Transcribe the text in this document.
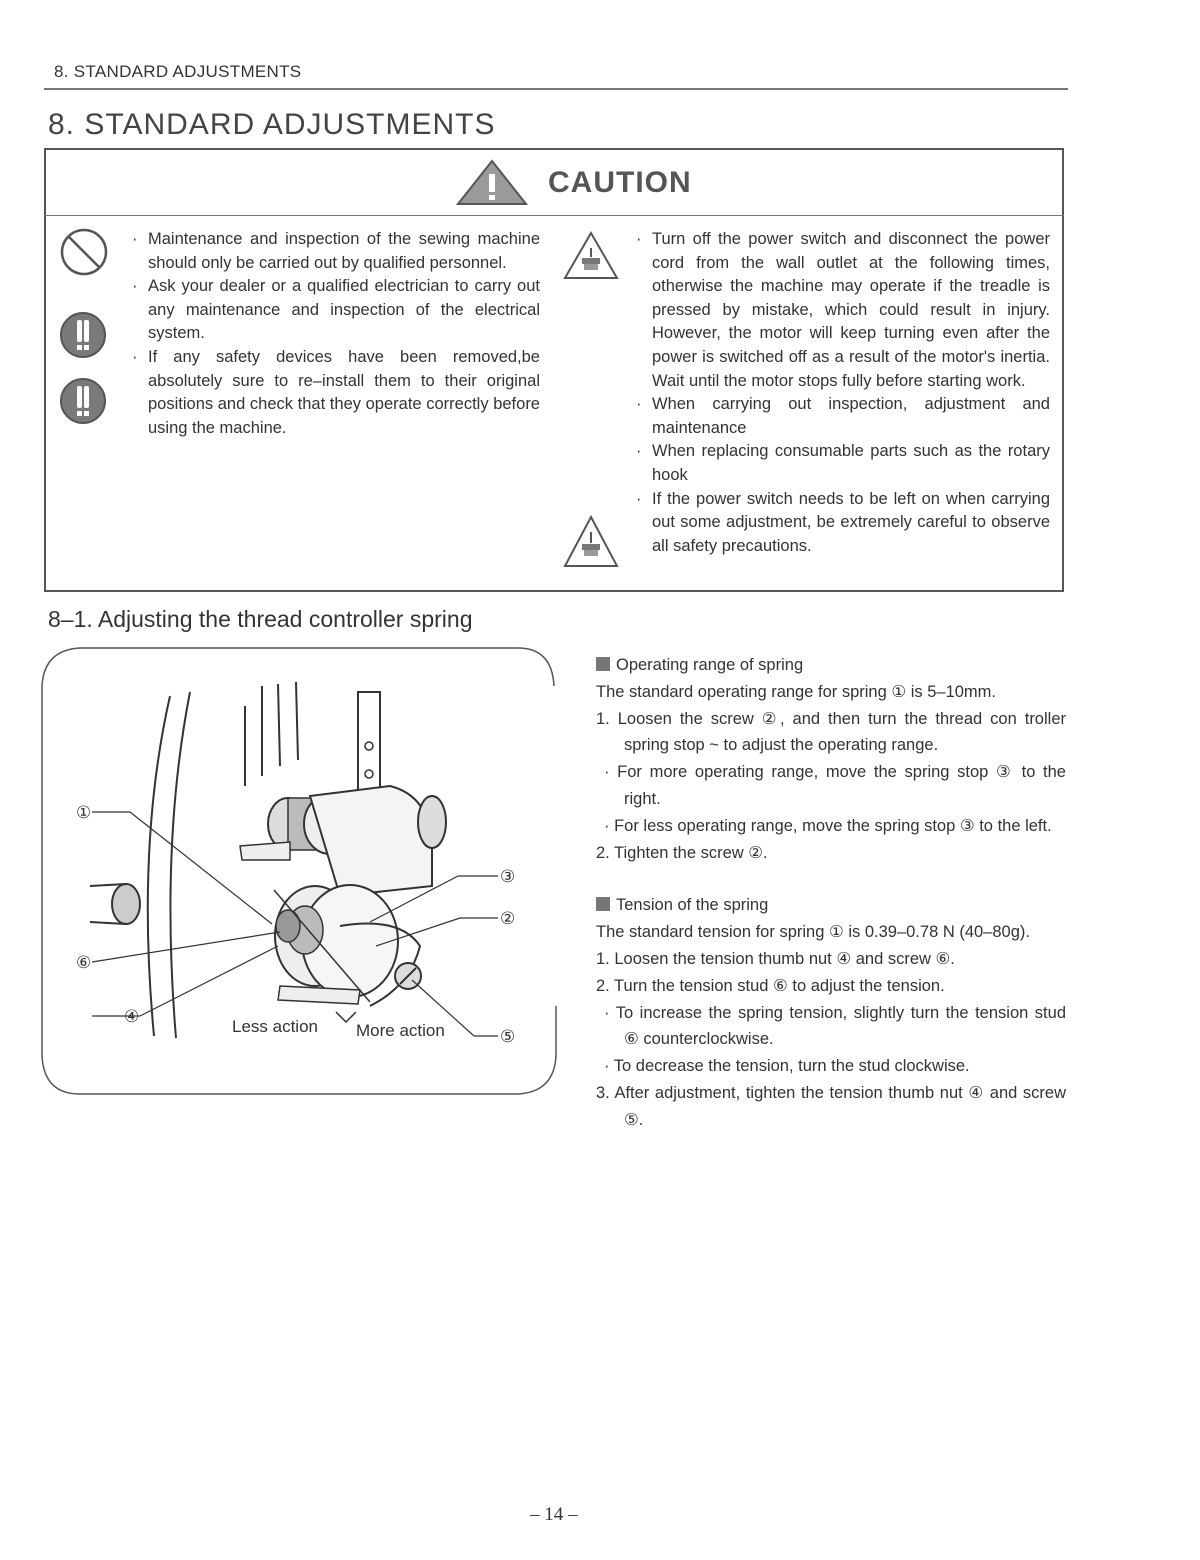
8. STANDARD ADJUSTMENTS
8. STANDARD ADJUSTMENTS
CAUTION
· Maintenance and inspection of the sewing machine should only be carried out by qualified personnel.
· Ask your dealer or a qualified electrician to carry out any maintenance and inspection of the electrical system.
· If any safety devices have been removed,be absolutely sure to re–install them to their original positions and check that they operate correctly before using the machine.
· Turn off the power switch and disconnect the power cord from the wall outlet at the following times, otherwise the machine may operate if the treadle is pressed by mistake, which could result in injury. However, the motor will keep turning even after the power is switched off as a result of the motor's inertia. Wait until the motor stops fully before starting work.
· When carrying out inspection, adjustment and maintenance
· When replacing consumable parts such as the rotary hook
· If the power switch needs to be left on when carrying out some adjustment, be extremely careful to observe all safety precautions.
8–1. Adjusting the thread controller spring
①
⑥
④
③
②
⑤
Less action More action
Operating range of spring
The standard operating range for spring ① is 5–10mm.
1. Loosen the screw ②, and then turn the thread con troller spring stop ~ to adjust the operating range.
· For more operating range, move the spring stop ③ to the right.
· For less operating range, move the spring stop ③ to the left.
2. Tighten the screw ②.
Tension of the spring
The standard tension for spring ① is 0.39–0.78 N (40–80g).
1. Loosen the tension thumb nut ④ and screw ⑥.
2. Turn the tension stud ⑥ to adjust the tension.
· To increase the spring tension, slightly turn the tension stud ⑥ counterclockwise.
· To decrease the tension, turn the stud clockwise.
3. After adjustment, tighten the tension thumb nut ④ and screw ⑤.
– 14 –
